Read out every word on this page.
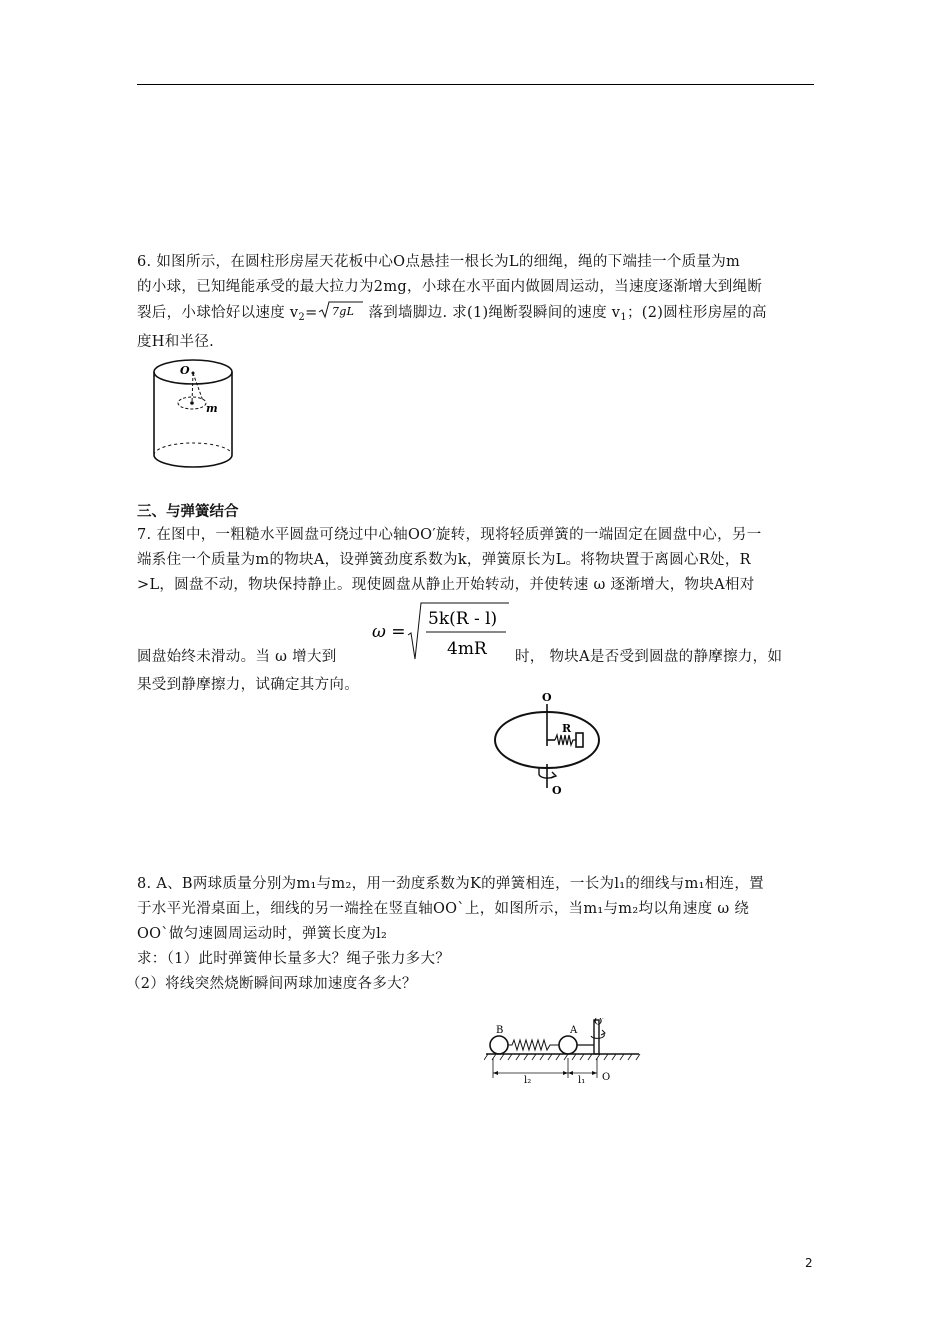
6. 如图所示，在圆柱形房屋天花板中心O点悬挂一根长为L的细绳，绳的下端挂一个质量为m
的小球，已知绳能承受的最大拉力为2mg，小球在水平面内做圆周运动，当速度逐渐增大到绳断
裂后，小球恰好以速度 $v_2= 7gL$ 落到墙脚边. 求(1)绳断裂瞬间的速度 $v_1$；(2)圆柱形房屋的高
度H和半径.
O
m
三、与弹簧结合
7. 在图中，一粗糙水平圆盘可绕过中心轴OO′旋转，现将轻质弹簧的一端固定在圆盘中心，另一
端系住一个质量为m的物块A，设弹簧劲度系数为k，弹簧原长为L。将物块置于离圆心R处，R
>L，圆盘不动，物块保持静止。现使圆盘从静止开始转动，并使转速 ω 逐渐增大，物块A相对
圆盘始终未滑动。当 ω 增大到
ω =
5k(R - l)
4mR 时， 物块A是否受到圆盘的静摩擦力，如
果受到静摩擦力，试确定其方向。
O
R
O
8. A、B两球质量分别为m₁与m₂，用一劲度系数为K的弹簧相连，一长为l₁的细线与m₁相连，置
于水平光滑桌面上，细线的另一端拴在竖直轴OO`上，如图所示，当m₁与m₂均以角速度 ω 绕
OO`做匀速圆周运动时，弹簧长度为l₂
求：（1）此时弹簧伸长量多大？绳子张力多大？
（2）将线突然烧断瞬间两球加速度各多大？
B	A
O′
l₂	l₁ O
2
